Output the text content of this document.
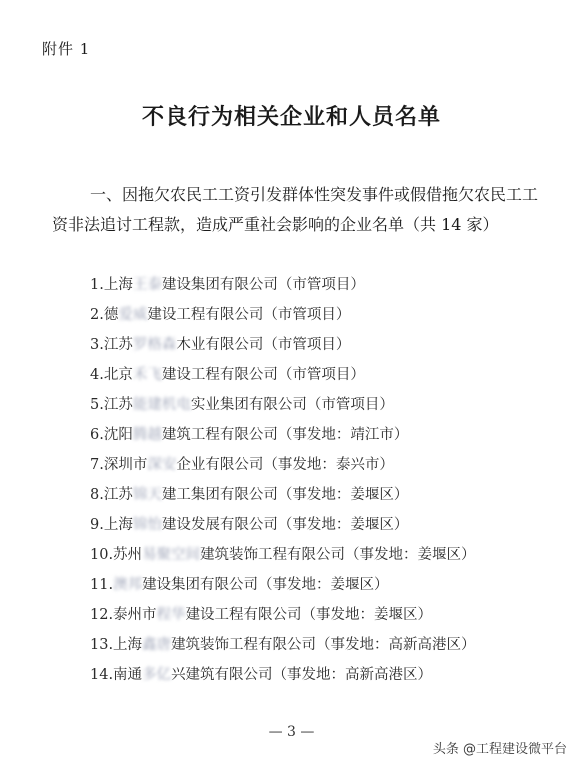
附件 1
不良行为相关企业和人员名单
一、因拖欠农民工工资引发群体性突发事件或假借拖欠农民工工资非法追讨工程款，造成严重社会影响的企业名单（共 14 家）
1.上海王泰建设集团有限公司（市管项目）
2.德爱威建设工程有限公司（市管项目）
3.江苏罗格森木业有限公司（市管项目）
4.北京禾飞建设工程有限公司（市管项目）
5.江苏能建机电实业集团有限公司（市管项目）
6.沈阳腾越建筑工程有限公司（事发地：靖江市）
7.深圳市深安企业有限公司（事发地：泰兴市）
8.江苏锦天建工集团有限公司（事发地：姜堰区）
9.上海锦怡建设发展有限公司（事发地：姜堰区）
10.苏州易聚空间建筑装饰工程有限公司（事发地：姜堰区）
11.澳邦建设集团有限公司（事发地：姜堰区）
12.泰州市程华建设工程有限公司（事发地：姜堰区）
13.上海鑫唐建筑装饰工程有限公司（事发地：高新高港区）
14.南通多亿兴建筑有限公司（事发地：高新高港区）
— 3 —
头条 @工程建设微平台
